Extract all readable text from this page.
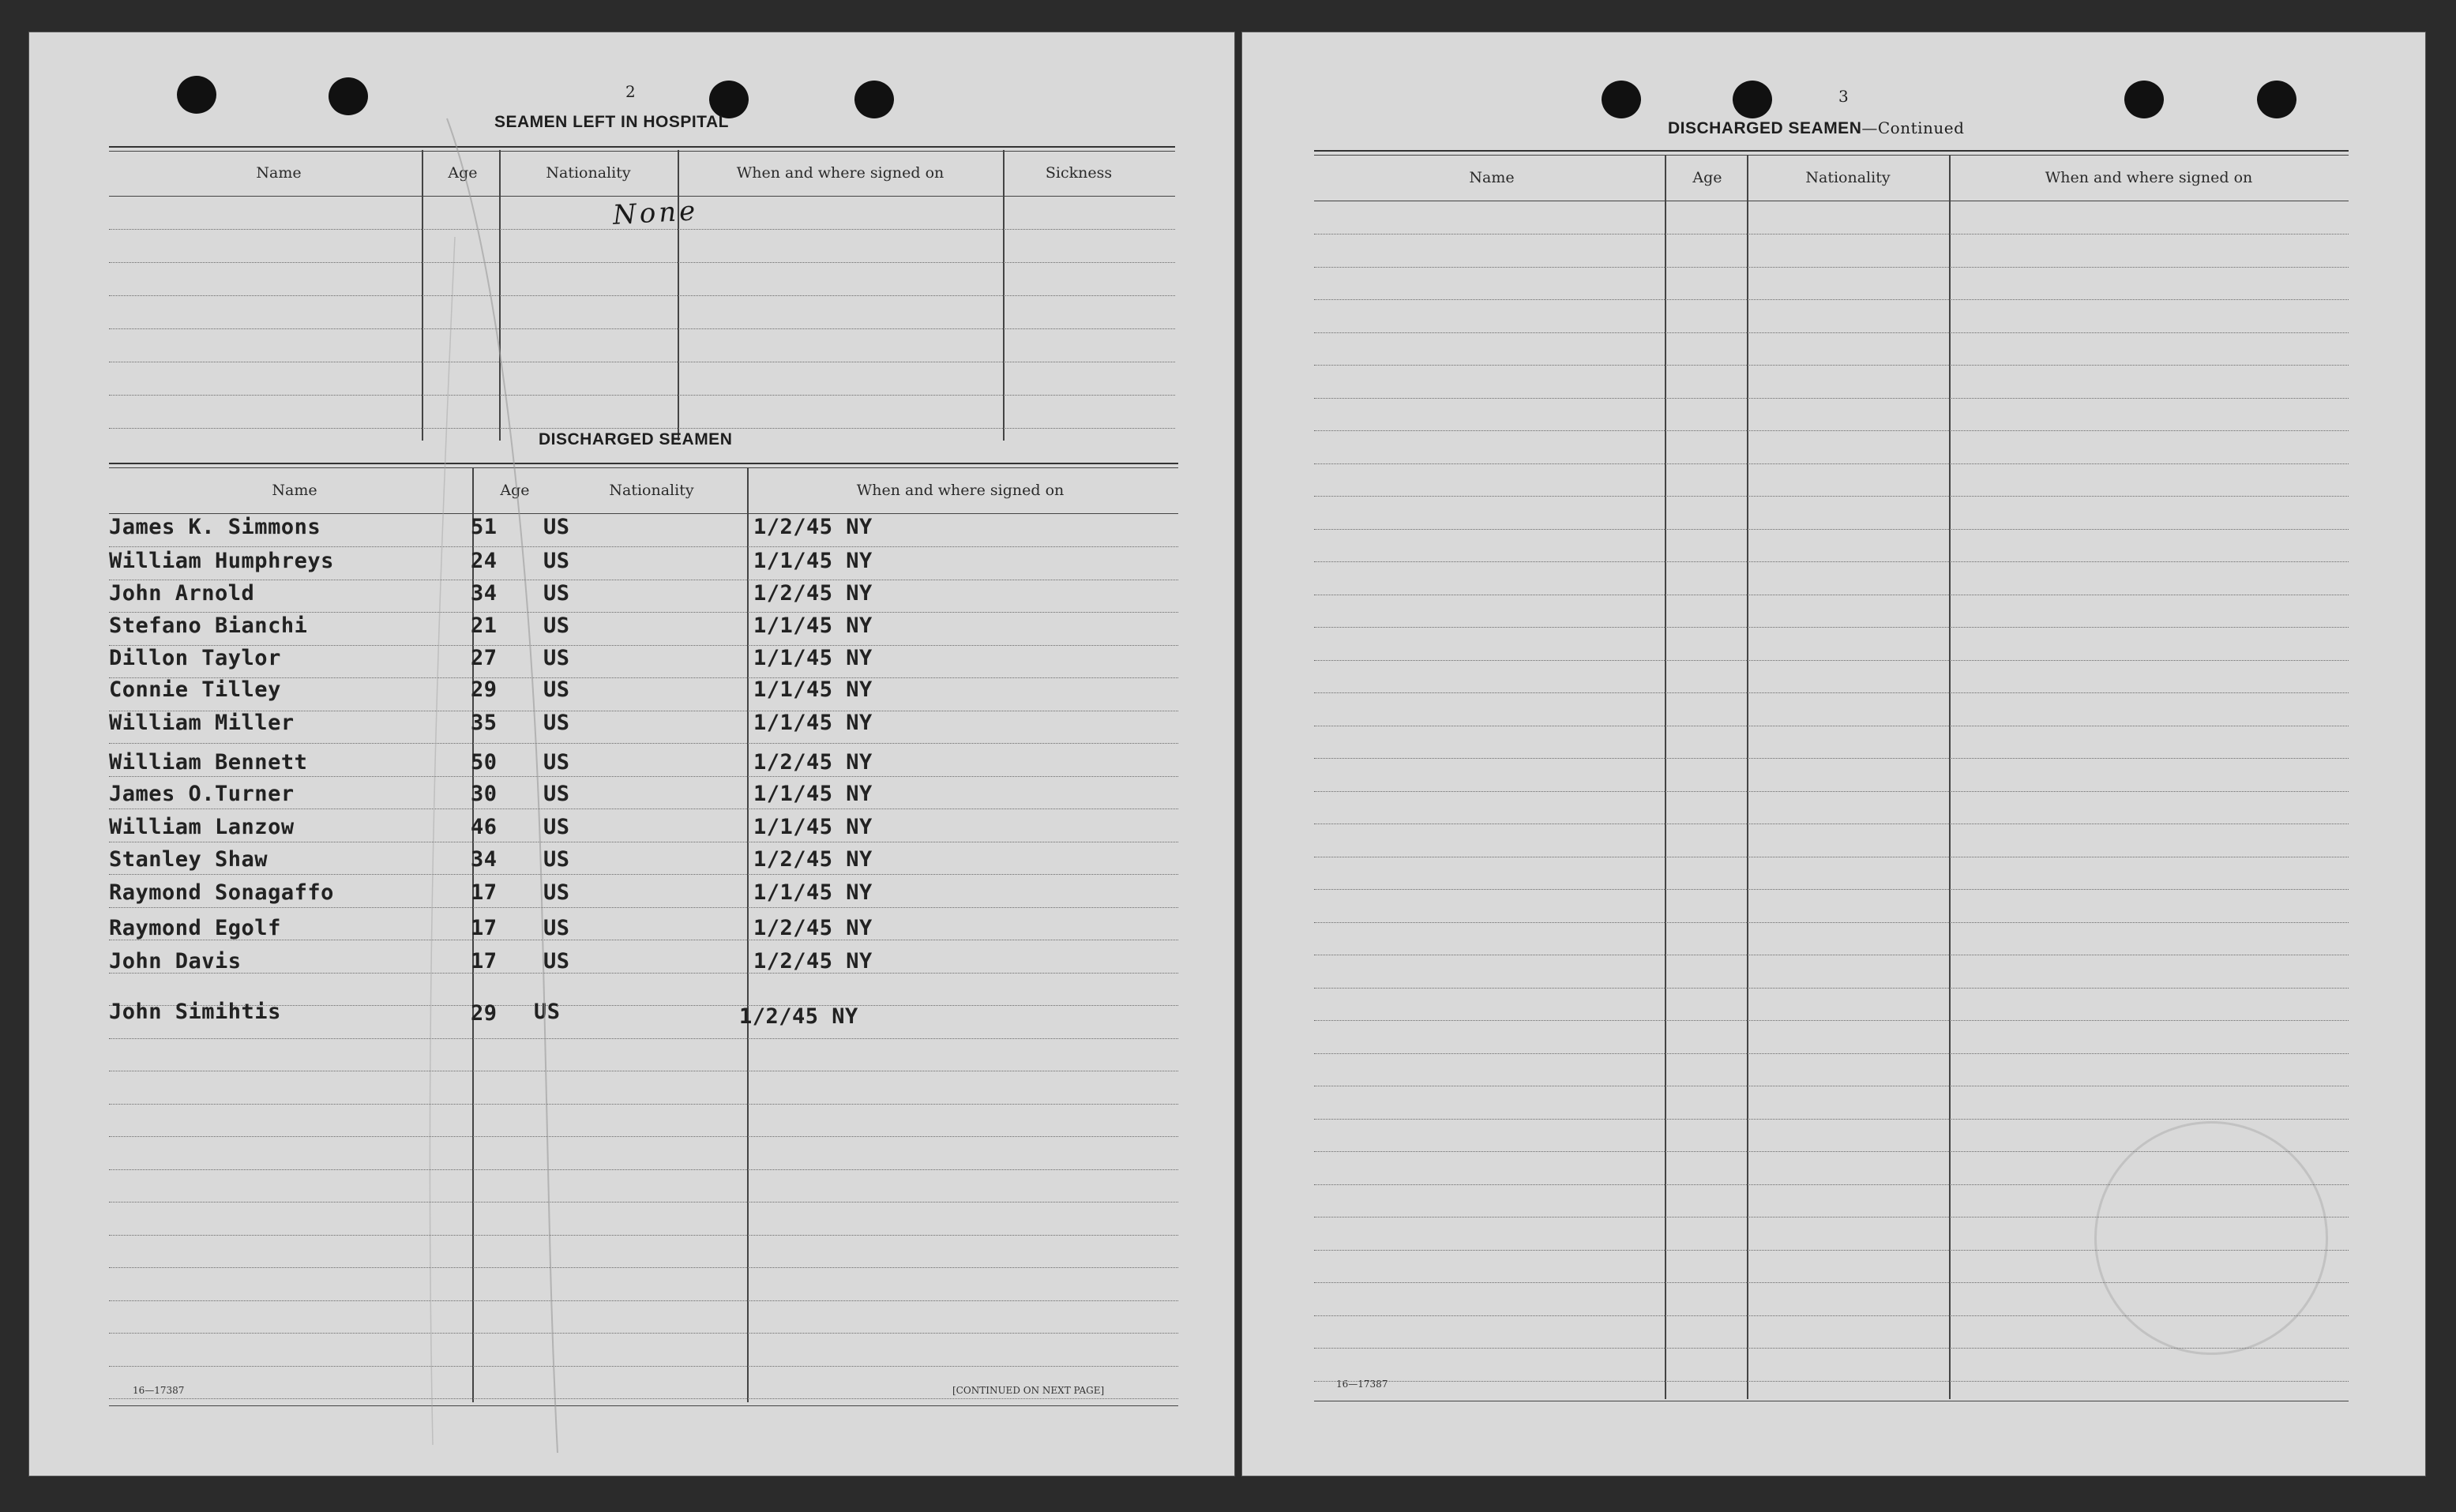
2
SEAMEN LEFT IN HOSPITAL
Name	Age	Nationality	When and where signed on	Sickness
None
DISCHARGED SEAMEN
Name	Age	Nationality	When and where signed on
James K. Simmons	51 US	1/2/45 NY
William Humphreys	24 US	1/1/45 NY
John Arnold	34 US	1/2/45 NY
Stefano Bianchi	21 US	1/1/45 NY
Dillon Taylor	27 US	1/1/45 NY
Connie Tilley	29 US	1/1/45 NY
William Miller	35 US	1/1/45 NY
William Bennett	50 US	1/2/45 NY
James O.Turner	30 US	1/1/45 NY
William Lanzow	46 US	1/1/45 NY
Stanley Shaw	34 US	1/2/45 NY
Raymond Sonagaffo	17 US	1/1/45 NY
Raymond Egolf	17 US	1/2/45 NY
John Davis	17 US	1/2/45 NY
John Simihtis	29 US	1/2/45 NY
16—17387	[CONTINUED ON NEXT PAGE]
3
DISCHARGED SEAMEN—Continued
Name	Age	Nationality	When and where signed on
16—17387
